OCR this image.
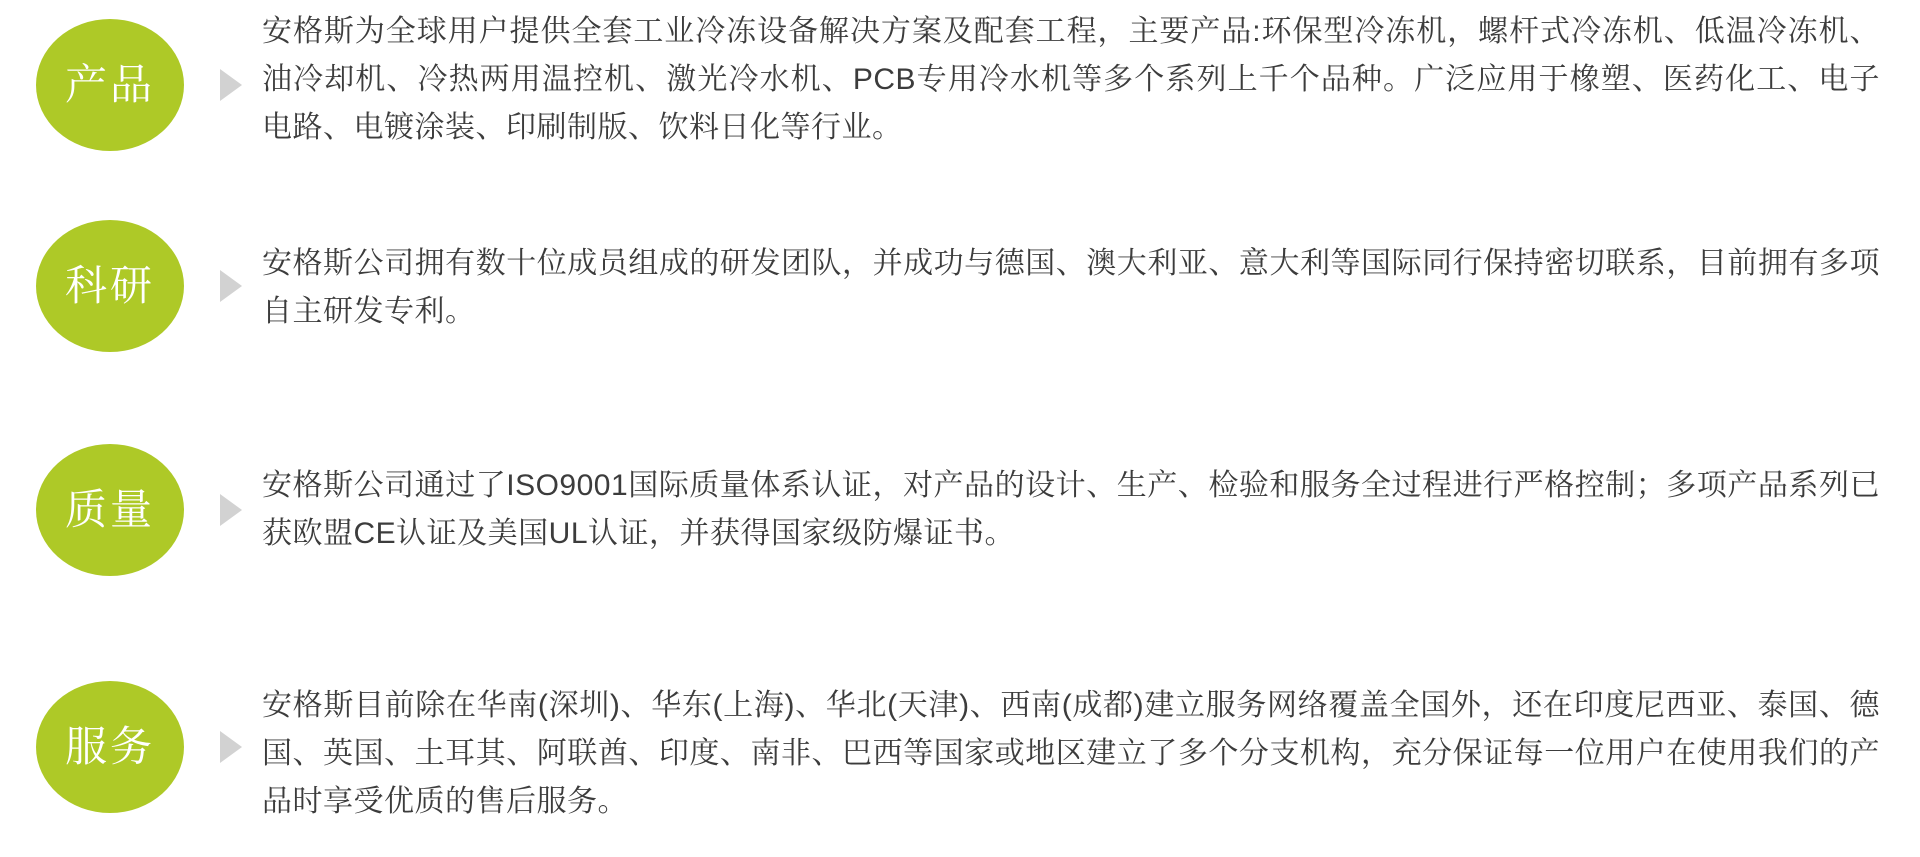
产品

安格斯为全球用户提供全套工业冷冻设备解决方案及配套工程，主要产品:环保型冷冻机，螺杆式冷冻机、低温冷冻机、油冷却机、冷热两用温控机、激光冷水机、PCB专用冷水机等多个系列上千个品种。广泛应用于橡塑、医药化工、电子电路、电镀涂装、印刷制版、饮料日化等行业。

科研	安格斯公司拥有数十位成员组成的研发团队，并成功与德国、澳大利亚、意大利等国际同行保持密切联系，目前拥有多项自主研发专利。

质量

安格斯公司通过了ISO9001国际质量体系认证，对产品的设计、生产、检验和服务全过程进行严格控制；多项产品系列已获欧盟CE认证及美国UL认证，并获得国家级防爆证书。

服务

安格斯目前除在华南(深圳)、华东(上海)、华北(天津)、西南(成都)建立服务网络覆盖全国外，还在印度尼西亚、泰国、德国、英国、土耳其、阿联酋、印度、南非、巴西等国家或地区建立了多个分支机构，充分保证每一位用户在使用我们的产品时享受优质的售后服务。
